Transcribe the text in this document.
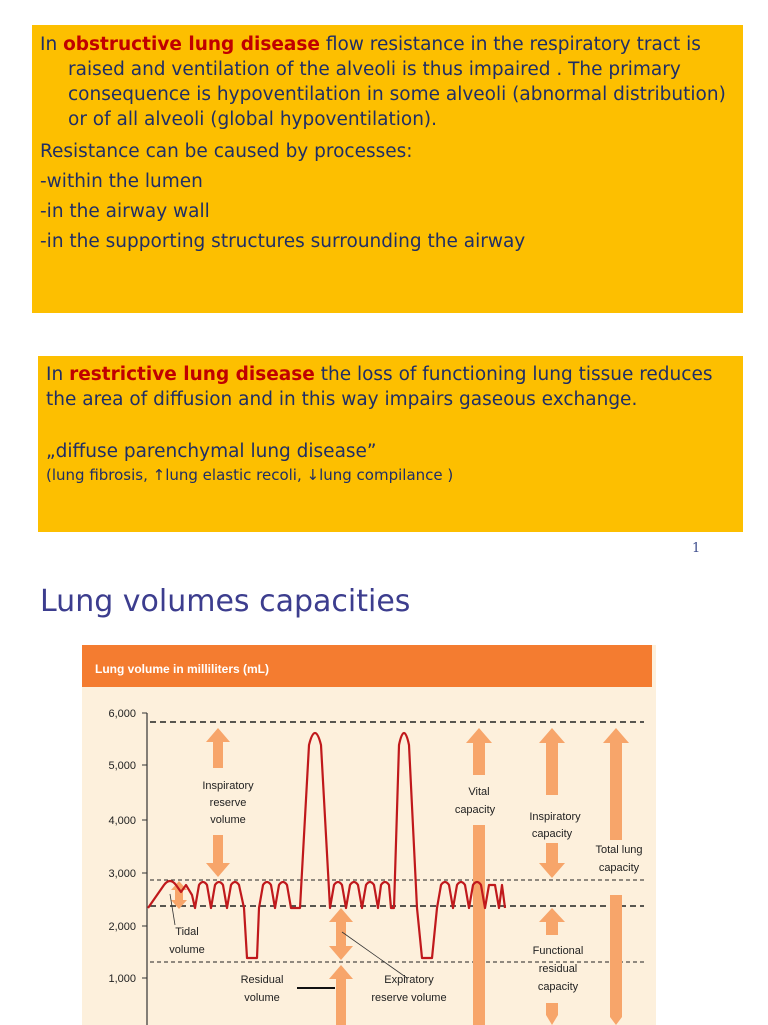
In obstructive lung disease flow resistance in the respiratory tract is
raised and ventilation of the alveoli is thus impaired . The primary
consequence is hypoventilation in some alveoli (abnormal distribution)
or of all alveoli (global hypoventilation).
Resistance can be caused by processes:
-within the lumen
-in the airway wall
-in the supporting structures surrounding the airway
In restrictive lung disease the loss of functioning lung tissue reduces
the area of diffusion and in this way impairs gaseous exchange.
„diffuse parenchymal lung disease”
(lung fibrosis, ↑lung elastic recoli, ↓lung compilance )
1
Lung volumes capacities
Lung volume in milliliters (mL)
6,000
5,000
4,000
3,000
2,000
1,000
Inspiratory
reserve
volume
Tidal
volume
Residual
volume
Expiratory
reserve volume
Vital
capacity
Inspiratory
capacity
Total lung
capacity
Functional
residual
capacity
